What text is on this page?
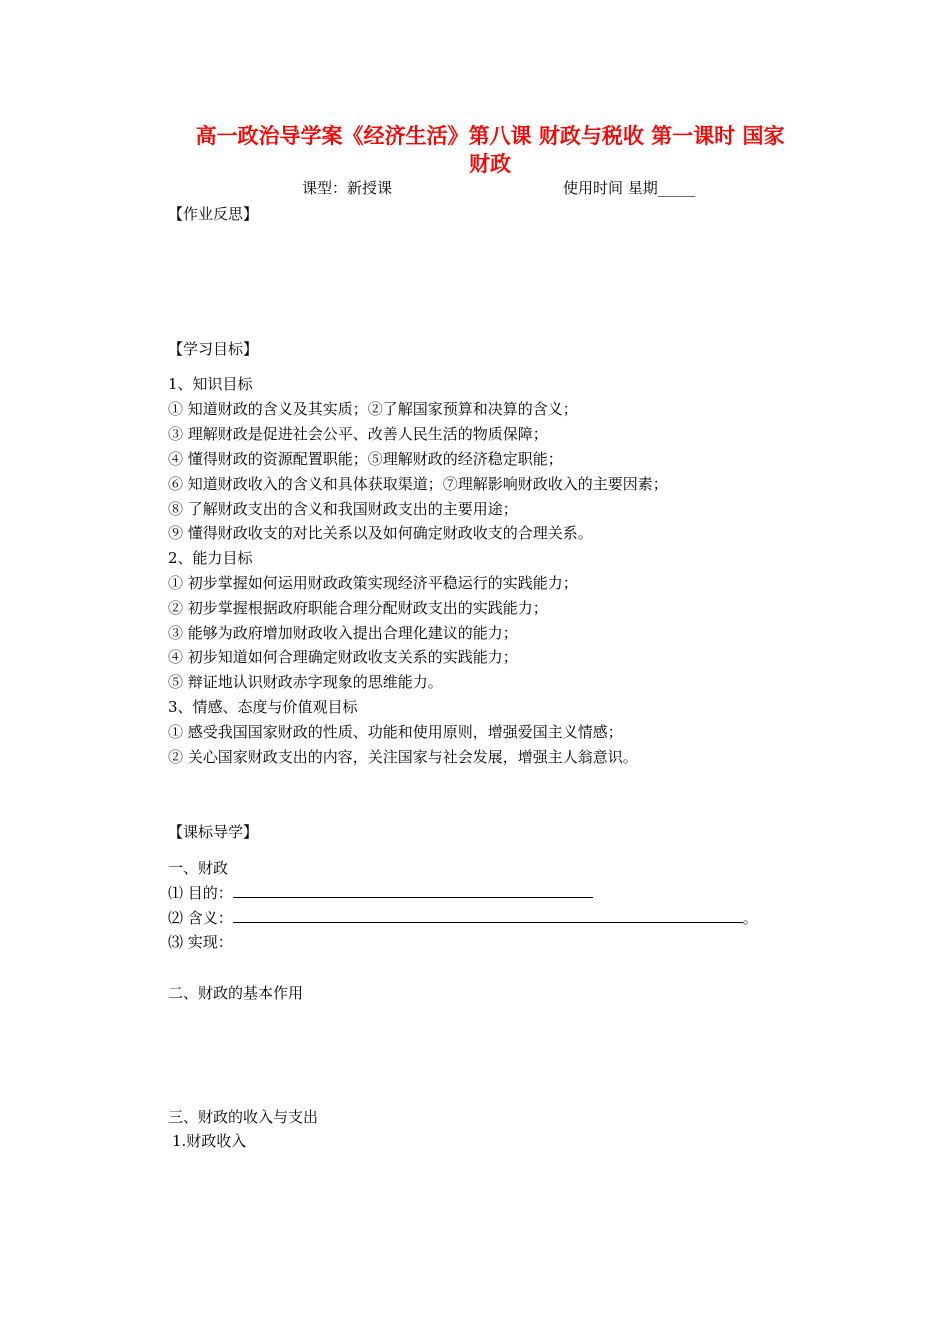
高一政治导学案《经济生活》第八课 财政与税收 第一课时 国家
财政
课型：新授课	使用时间 星期_____
【作业反思】
【学习目标】
1、知识目标
① 知道财政的含义及其实质；②了解国家预算和决算的含义；
③ 理解财政是促进社会公平、改善人民生活的物质保障；
④ 懂得财政的资源配置职能；⑤理解财政的经济稳定职能；
⑥ 知道财政收入的含义和具体获取渠道；⑦理解影响财政收入的主要因素；
⑧ 了解财政支出的含义和我国财政支出的主要用途；
⑨ 懂得财政收支的对比关系以及如何确定财政收支的合理关系。
2、能力目标
① 初步掌握如何运用财政政策实现经济平稳运行的实践能力；
② 初步掌握根据政府职能合理分配财政支出的实践能力；
③ 能够为政府增加财政收入提出合理化建议的能力；
④ 初步知道如何合理确定财政收支关系的实践能力；
⑤ 辩证地认识财政赤字现象的思维能力。
3、情感、态度与价值观目标
① 感受我国国家财政的性质、功能和使用原则，增强爱国主义情感；
② 关心国家财政支出的内容，关注国家与社会发展，增强主人翁意识。
【课标导学】
一、财政
⑴ 目的：
⑵ 含义：	。
⑶ 实现：
二、财政的基本作用
三、财政的收入与支出
1.财政收入
